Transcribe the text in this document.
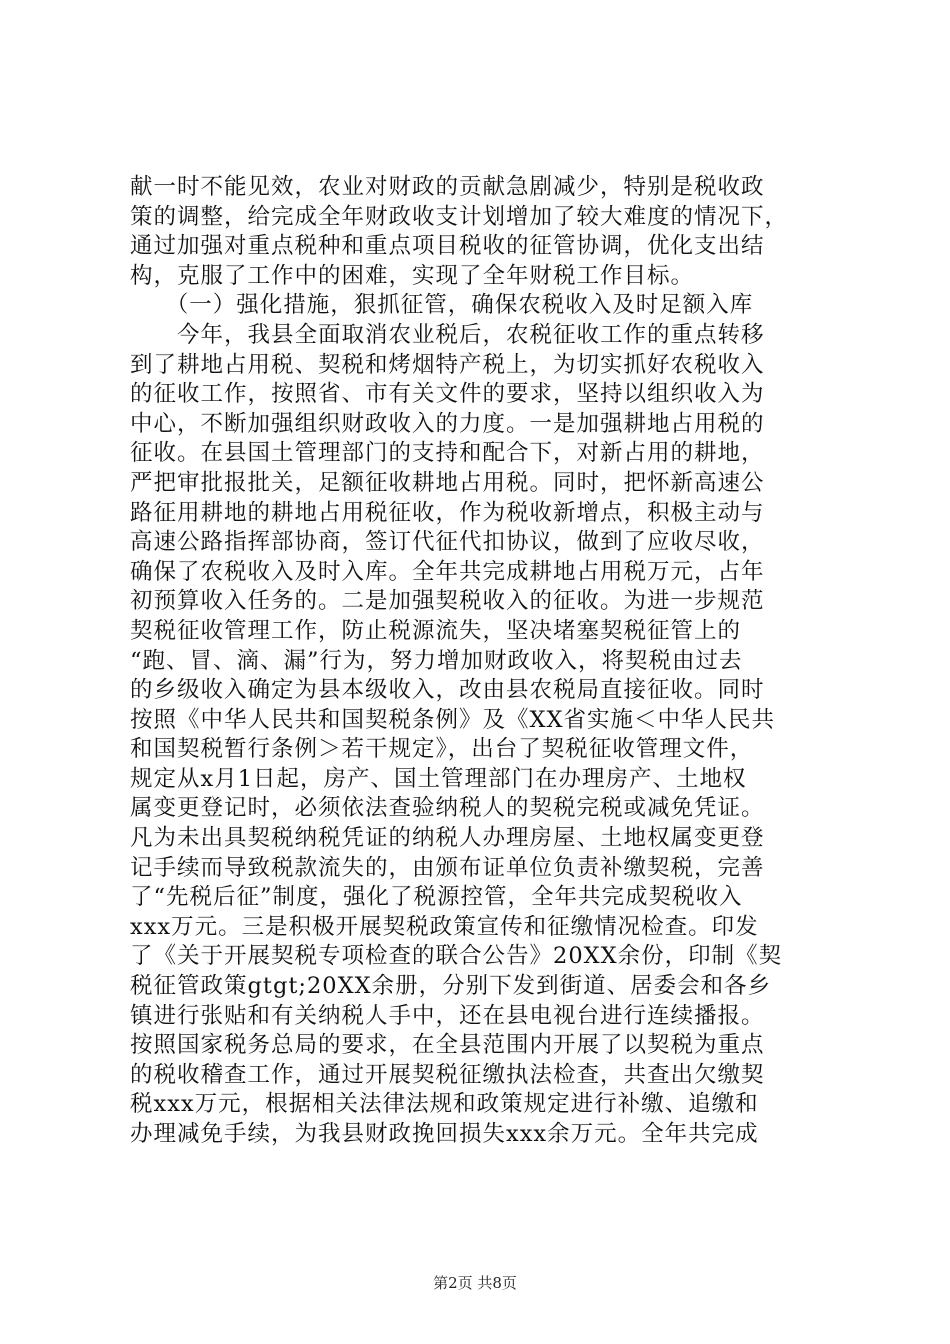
献一时不能见效，农业对财政的贡献急剧减少，特别是税收政
策的调整，给完成全年财政收支计划增加了较大难度的情况下，
通过加强对重点税种和重点项目税收的征管协调，优化支出结
构，克服了工作中的困难，实现了全年财税工作目标。
　　（一）强化措施，狠抓征管，确保农税收入及时足额入库
　　今年，我县全面取消农业税后，农税征收工作的重点转移
到了耕地占用税、契税和烤烟特产税上，为切实抓好农税收入
的征收工作，按照省、市有关文件的要求，坚持以组织收入为
中心，不断加强组织财政收入的力度。一是加强耕地占用税的
征收。在县国土管理部门的支持和配合下，对新占用的耕地，
严把审批报批关，足额征收耕地占用税。同时，把怀新高速公
路征用耕地的耕地占用税征收，作为税收新增点，积极主动与
高速公路指挥部协商，签订代征代扣协议，做到了应收尽收，
确保了农税收入及时入库。全年共完成耕地占用税万元，占年
初预算收入任务的。二是加强契税收入的征收。为进一步规范
契税征收管理工作，防止税源流失，坚决堵塞契税征管上的
“跑、冒、滴、漏”行为，努力增加财政收入，将契税由过去
的乡级收入确定为县本级收入，改由县农税局直接征收。同时
按照《中华人民共和国契税条例》及《XX省实施＜中华人民共
和国契税暂行条例＞若干规定》，出台了契税征收管理文件，
规定从x月1日起，房产、国土管理部门在办理房产、土地权
属变更登记时，必须依法查验纳税人的契税完税或减免凭证。
凡为未出具契税纳税凭证的纳税人办理房屋、土地权属变更登
记手续而导致税款流失的，由颁布证单位负责补缴契税，完善
了“先税后征”制度，强化了税源控管，全年共完成契税收入
xxx万元。三是积极开展契税政策宣传和征缴情况检查。印发
了《关于开展契税专项检查的联合公告》20XX余份，印制《契
税征管政策gtgt;20XX余册，分别下发到街道、居委会和各乡
镇进行张贴和有关纳税人手中，还在县电视台进行连续播报。
按照国家税务总局的要求，在全县范围内开展了以契税为重点
的税收稽查工作，通过开展契税征缴执法检查，共查出欠缴契
税xxx万元，根据相关法律法规和政策规定进行补缴、追缴和
办理减免手续，为我县财政挽回损失xxx余万元。全年共完成
第2页 共8页
